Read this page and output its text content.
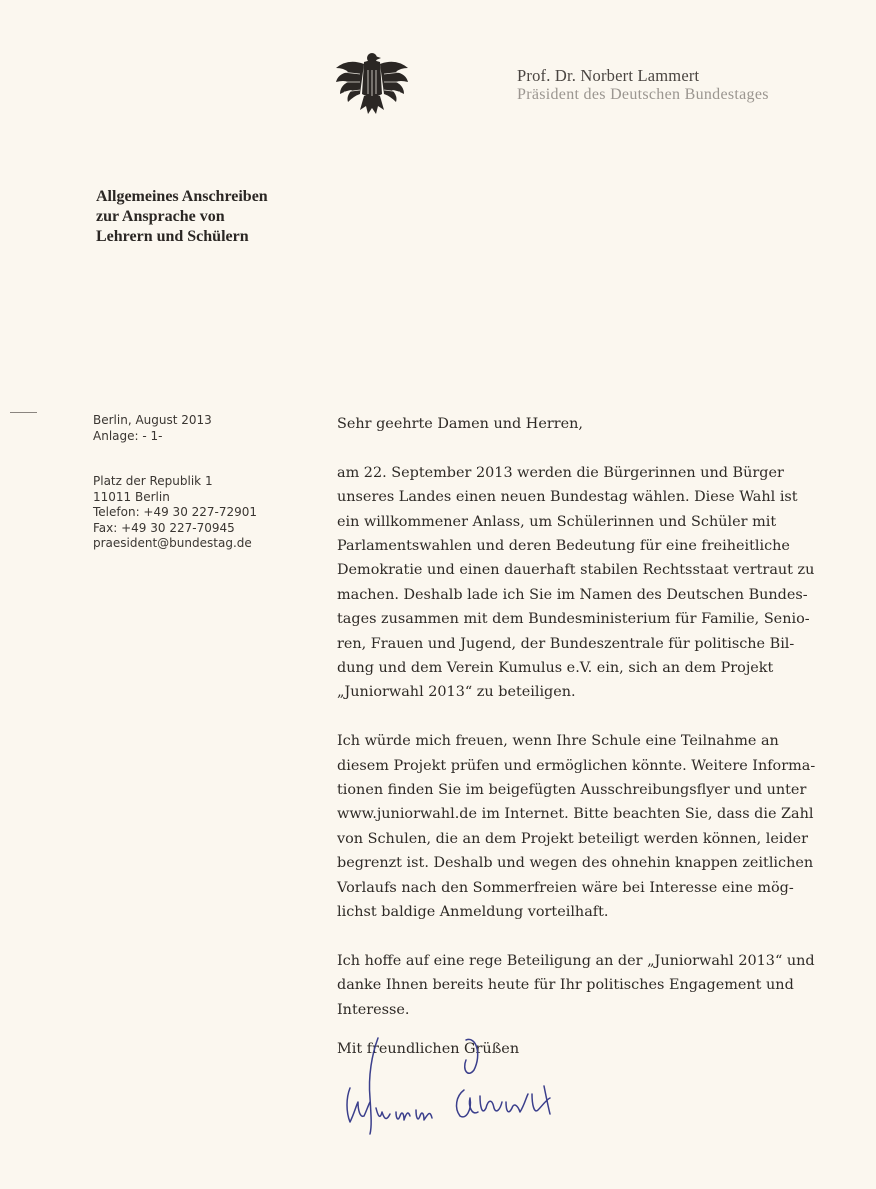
Prof. Dr. Norbert Lammert
Präsident des Deutschen Bundestages
Allgemeines Anschreiben
zur Ansprache von
Lehrern und Schülern
Berlin, August 2013
Anlage: - 1-
Platz der Republik 1
11011 Berlin
Telefon: +49 30 227-72901
Fax: +49 30 227-70945
praesident@bundestag.de
Sehr geehrte Damen und Herren,
am 22. September 2013 werden die Bürgerinnen und Bürger
unseres Landes einen neuen Bundestag wählen. Diese Wahl ist
ein willkommener Anlass, um Schülerinnen und Schüler mit
Parlamentswahlen und deren Bedeutung für eine freiheitliche
Demokratie und einen dauerhaft stabilen Rechtsstaat vertraut zu
machen. Deshalb lade ich Sie im Namen des Deutschen Bundes-
tages zusammen mit dem Bundesministerium für Familie, Senio-
ren, Frauen und Jugend, der Bundeszentrale für politische Bil-
dung und dem Verein Kumulus e.V. ein, sich an dem Projekt
„Juniorwahl 2013“ zu beteiligen.
Ich würde mich freuen, wenn Ihre Schule eine Teilnahme an
diesem Projekt prüfen und ermöglichen könnte. Weitere Informa-
tionen finden Sie im beigefügten Ausschreibungsflyer und unter
www.juniorwahl.de im Internet. Bitte beachten Sie, dass die Zahl
von Schulen, die an dem Projekt beteiligt werden können, leider
begrenzt ist. Deshalb und wegen des ohnehin knappen zeitlichen
Vorlaufs nach den Sommerfreien wäre bei Interesse eine mög-
lichst baldige Anmeldung vorteilhaft.
Ich hoffe auf eine rege Beteiligung an der „Juniorwahl 2013“ und
danke Ihnen bereits heute für Ihr politisches Engagement und
Interesse.
Mit freundlichen Grüßen
